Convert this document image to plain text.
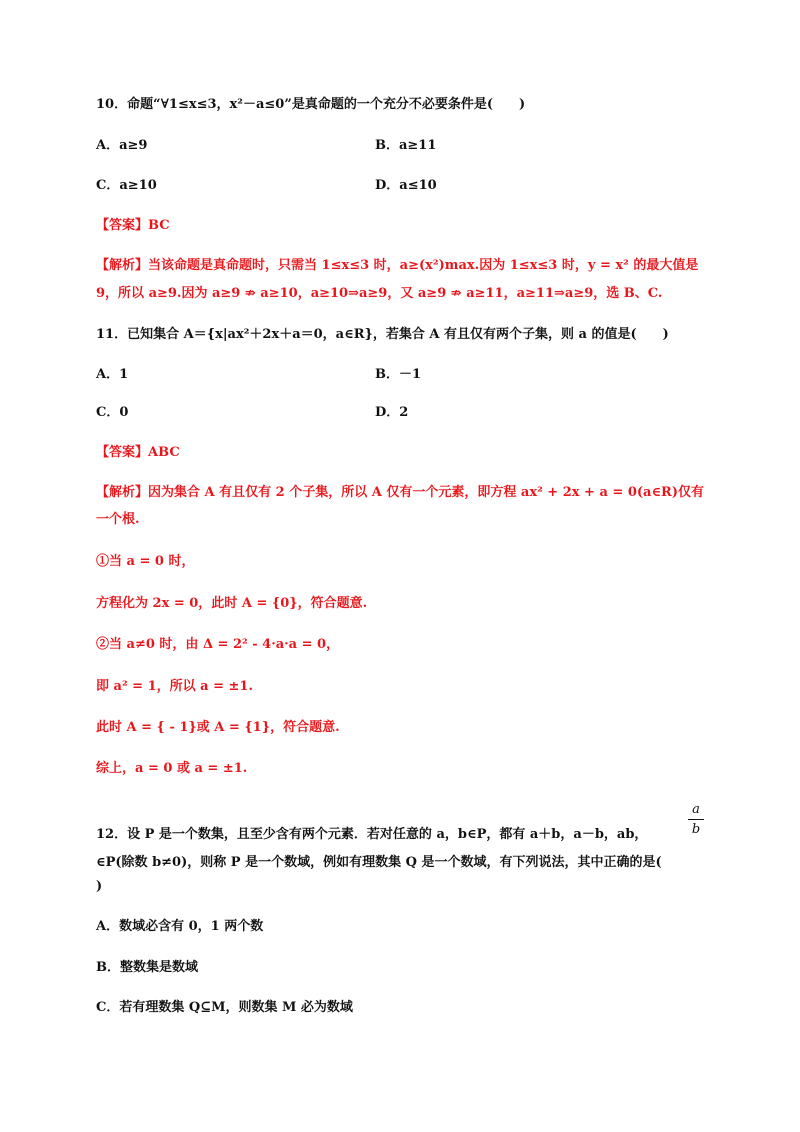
10．命题“∀1≤x≤3，x²－a≤0”是真命题的一个充分不必要条件是(　　)
A．a≥9	B．a≥11
C．a≥10	D．a≤10
【答案】BC
【解析】当该命题是真命题时，只需当 1≤x≤3 时，a≥(x²)max.因为 1≤x≤3 时，y = x² 的最大值是
9，所以 a≥9.因为 a≥9 ⇏ a≥10，a≥10⇒a≥9，又 a≥9 ⇏ a≥11，a≥11⇒a≥9，选 B、C.
11．已知集合 A＝{x|ax²＋2x＋a＝0，a∈R}，若集合 A 有且仅有两个子集，则 a 的值是(　　)
A．1	B．－1
C．0	D．2
【答案】ABC
【解析】因为集合 A 有且仅有 2 个子集，所以 A 仅有一个元素，即方程 ax² + 2x + a = 0(a∈R)仅有
一个根.
①当 a = 0 时，
方程化为 2x = 0，此时 A = {0}，符合题意.
②当 a≠0 时，由 Δ = 2² - 4·a·a = 0，
即 a² = 1，所以 a = ±1.
此时 A = { - 1}或 A = {1}，符合题意.
综上，a = 0 或 a = ±1.
a
b
12．设 P 是一个数集，且至少含有两个元素．若对任意的 a，b∈P，都有 a＋b，a－b，ab，
∈P(除数 b≠0)，则称 P 是一个数域，例如有理数集 Q 是一个数域，有下列说法，其中正确的是(
)
A．数域必含有 0，1 两个数
B．整数集是数域
C．若有理数集 Q⊆M，则数集 M 必为数域
